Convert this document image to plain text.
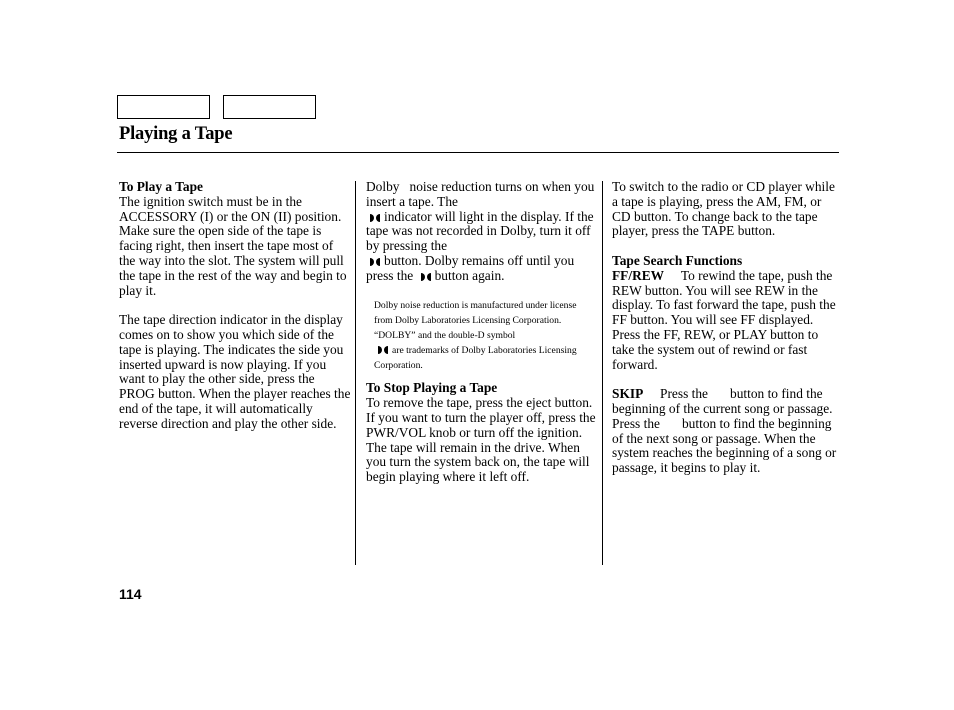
Playing a Tape
To Play a Tape

The ignition switch must be in the ACCESSORY (I) or the ON (II) position. Make sure the open side of the tape is facing right, then insert the tape most of the way into the slot. The system will pull the tape in the rest of the way and begin to play it.

The tape direction indicator in the display comes on to show you which side of the tape is playing. The indicates the side you inserted upward is now playing. If you want to play the other side, press the PROG button. When the player reaches the end of the tape, it will automatically reverse direction and play the other side.

Dolby noise reduction turns on when you insert a tape. The
indicator will light in the display. If the tape was not recorded in Dolby, turn it off by pressing the
button. Dolby remains off until you press the button again.

Dolby noise reduction is manufactured under license from Dolby Laboratories Licensing Corporation. “DOLBY” and the double-D symbol
are trademarks of Dolby Laboratories Licensing Corporation.

To Stop Playing a Tape

To remove the tape, press the eject button. If you want to turn the player off, press the PWR/VOL knob or turn off the ignition. The tape will remain in the drive. When you turn the system back on, the tape will begin playing where it left off.

To switch to the radio or CD player while a tape is playing, press the AM, FM, or CD button. To change back to the tape player, press the TAPE button.

Tape Search Functions

FF/REW To rewind the tape, push the REW button. You will see REW in the display. To fast forward the tape, push the FF button. You will see FF displayed. Press the FF, REW, or PLAY button to take the system out of rewind or fast forward.

SKIP Press the button to find the beginning of the current song or passage. Press the button to find the beginning of the next song or passage. When the system reaches the beginning of a song or passage, it begins to play it.

114
